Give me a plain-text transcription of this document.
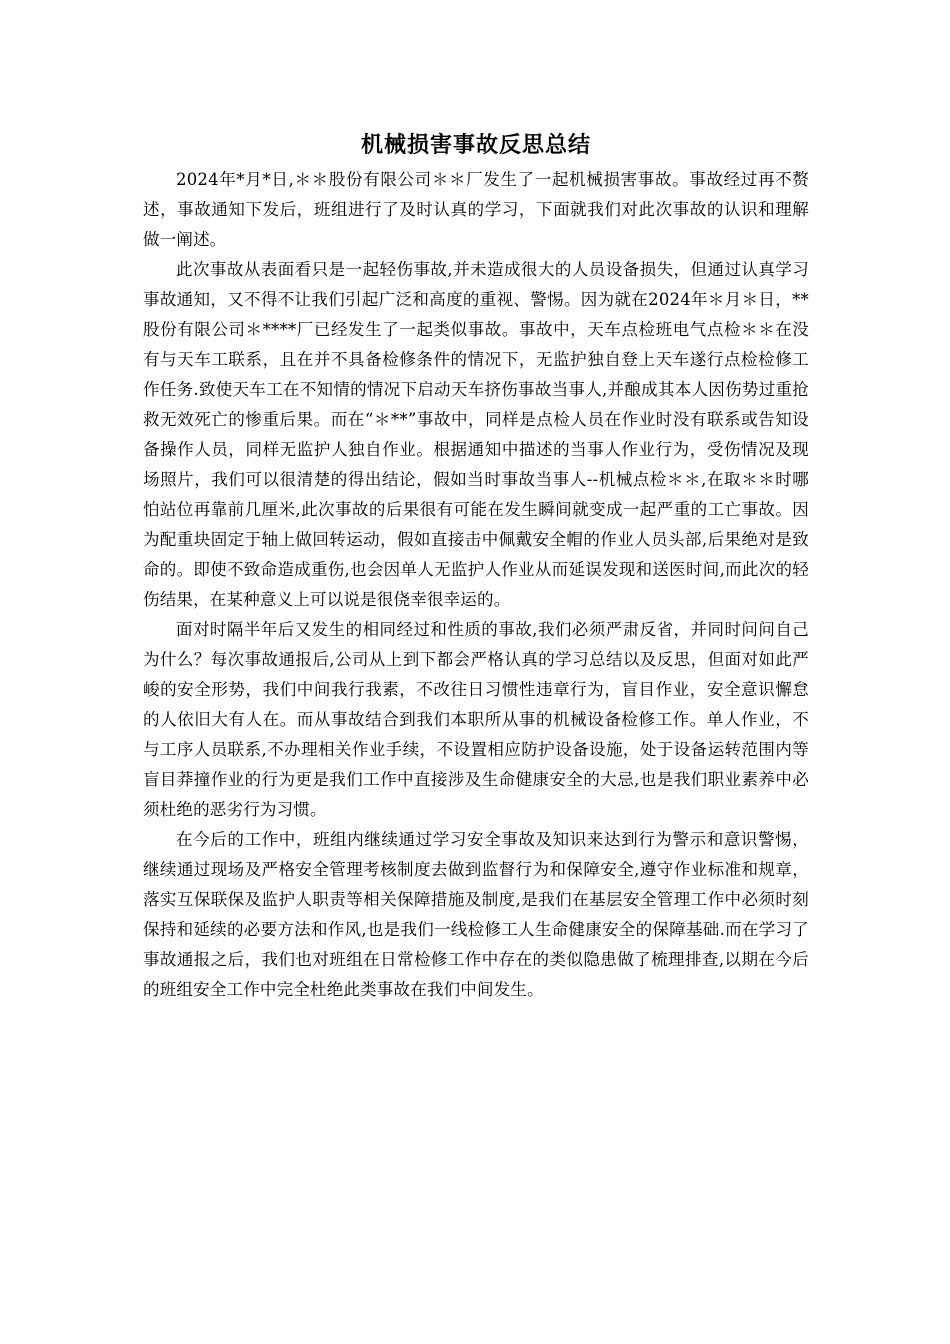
机械损害事故反思总结

2024年*月*日,＊＊股份有限公司＊＊厂发生了一起机械损害事故。事故经过再不赘述，事故通知下发后，班组进行了及时认真的学习，下面就我们对此次事故的认识和理解做一阐述。

此次事故从表面看只是一起轻伤事故,并未造成很大的人员设备损失，但通过认真学习事故通知，又不得不让我们引起广泛和高度的重视、警惕。因为就在2024年＊月＊日，**股份有限公司＊****厂已经发生了一起类似事故。事故中，天车点检班电气点检＊＊在没有与天车工联系，且在并不具备检修条件的情况下，无监护独自登上天车遂行点检检修工作任务.致使天车工在不知情的情况下启动天车挤伤事故当事人,并酿成其本人因伤势过重抢救无效死亡的惨重后果。而在“＊**”事故中，同样是点检人员在作业时没有联系或告知设备操作人员，同样无监护人独自作业。根据通知中描述的当事人作业行为，受伤情况及现场照片，我们可以很清楚的得出结论，假如当时事故当事人--机械点检＊＊,在取＊＊时哪怕站位再靠前几厘米,此次事故的后果很有可能在发生瞬间就变成一起严重的工亡事故。因为配重块固定于轴上做回转运动，假如直接击中佩戴安全帽的作业人员头部,后果绝对是致命的。即使不致命造成重伤,也会因单人无监护人作业从而延误发现和送医时间,而此次的轻伤结果，在某种意义上可以说是很侥幸很幸运的。

面对时隔半年后又发生的相同经过和性质的事故,我们必须严肃反省，并同时问问自己为什么？每次事故通报后,公司从上到下都会严格认真的学习总结以及反思，但面对如此严峻的安全形势，我们中间我行我素，不改往日习惯性违章行为，盲目作业，安全意识懈怠的人依旧大有人在。而从事故结合到我们本职所从事的机械设备检修工作。单人作业，不与工序人员联系,不办理相关作业手续，不设置相应防护设备设施，处于设备运转范围内等盲目莽撞作业的行为更是我们工作中直接涉及生命健康安全的大忌,也是我们职业素养中必须杜绝的恶劣行为习惯。

在今后的工作中，班组内继续通过学习安全事故及知识来达到行为警示和意识警惕，继续通过现场及严格安全管理考核制度去做到监督行为和保障安全,遵守作业标准和规章，落实互保联保及监护人职责等相关保障措施及制度,是我们在基层安全管理工作中必须时刻保持和延续的必要方法和作风,也是我们一线检修工人生命健康安全的保障基础.而在学习了事故通报之后，我们也对班组在日常检修工作中存在的类似隐患做了梳理排查,以期在今后的班组安全工作中完全杜绝此类事故在我们中间发生。
